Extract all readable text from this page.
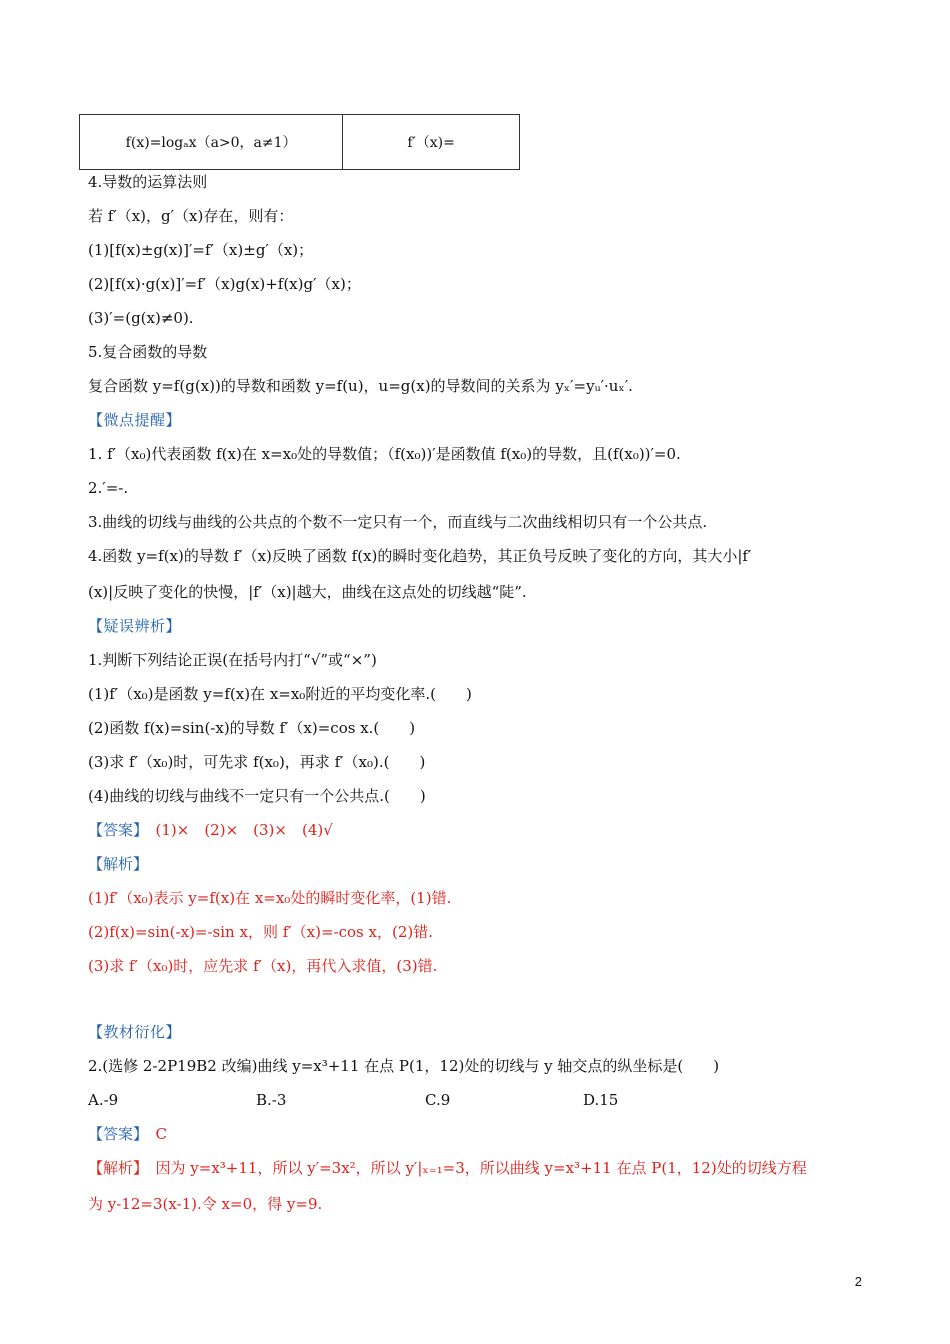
f(x)=logₐx（a>0，a≠1）	f′（x)=
4.导数的运算法则
若 f′（x)，g′（x)存在，则有：
(1)[f(x)±g(x)]′=f′（x)±g′（x)；
(2)[f(x)·g(x)]′=f′（x)g(x)+f(x)g′（x)；
(3)′=(g(x)≠0).
5.复合函数的导数
复合函数 y=f(g(x))的导数和函数 y=f(u)，u=g(x)的导数间的关系为 yₓ′=yᵤ′·uₓ′.
【微点提醒】
1. f′（x₀)代表函数 f(x)在 x=x₀处的导数值；（f(x₀))′是函数值 f(x₀)的导数，且(f(x₀))′=0.
2.′=-.
3.曲线的切线与曲线的公共点的个数不一定只有一个，而直线与二次曲线相切只有一个公共点.
4.函数 y=f(x)的导数 f′（x)反映了函数 f(x)的瞬时变化趋势，其正负号反映了变化的方向，其大小|f′
(x)|反映了变化的快慢，|f′（x)|越大，曲线在这点处的切线越“陡”.
【疑误辨析】
1.判断下列结论正误(在括号内打“√”或“×”)
(1)f′（x₀)是函数 y=f(x)在 x=x₀附近的平均变化率.(　　)
(2)函数 f(x)=sin(-x)的导数 f′（x)=cos x.(　　)
(3)求 f′（x₀)时，可先求 f(x₀)，再求 f′（x₀).(　　)
(4)曲线的切线与曲线不一定只有一个公共点.(　　)
【答案】　(1)×　(2)×　(3)×　(4)√
【解析】
(1)f′（x₀)表示 y=f(x)在 x=x₀处的瞬时变化率，(1)错.
(2)f(x)=sin(-x)=-sin x，则 f′（x)=-cos x，(2)错.
(3)求 f′（x₀)时，应先求 f′（x)，再代入求值，(3)错.
【教材衍化】
2.(选修 2-2P19B2 改编)曲线 y=x³+11 在点 P(1，12)处的切线与 y 轴交点的纵坐标是(　　)
A.-9	B.-3	C.9	D.15
【答案】　C
【解析】　因为 y=x³+11，所以 y′=3x²，所以 y′|ₓ₌₁=3，所以曲线 y=x³+11 在点 P(1，12)处的切线方程
为 y-12=3(x-1).令 x=0，得 y=9.
2
